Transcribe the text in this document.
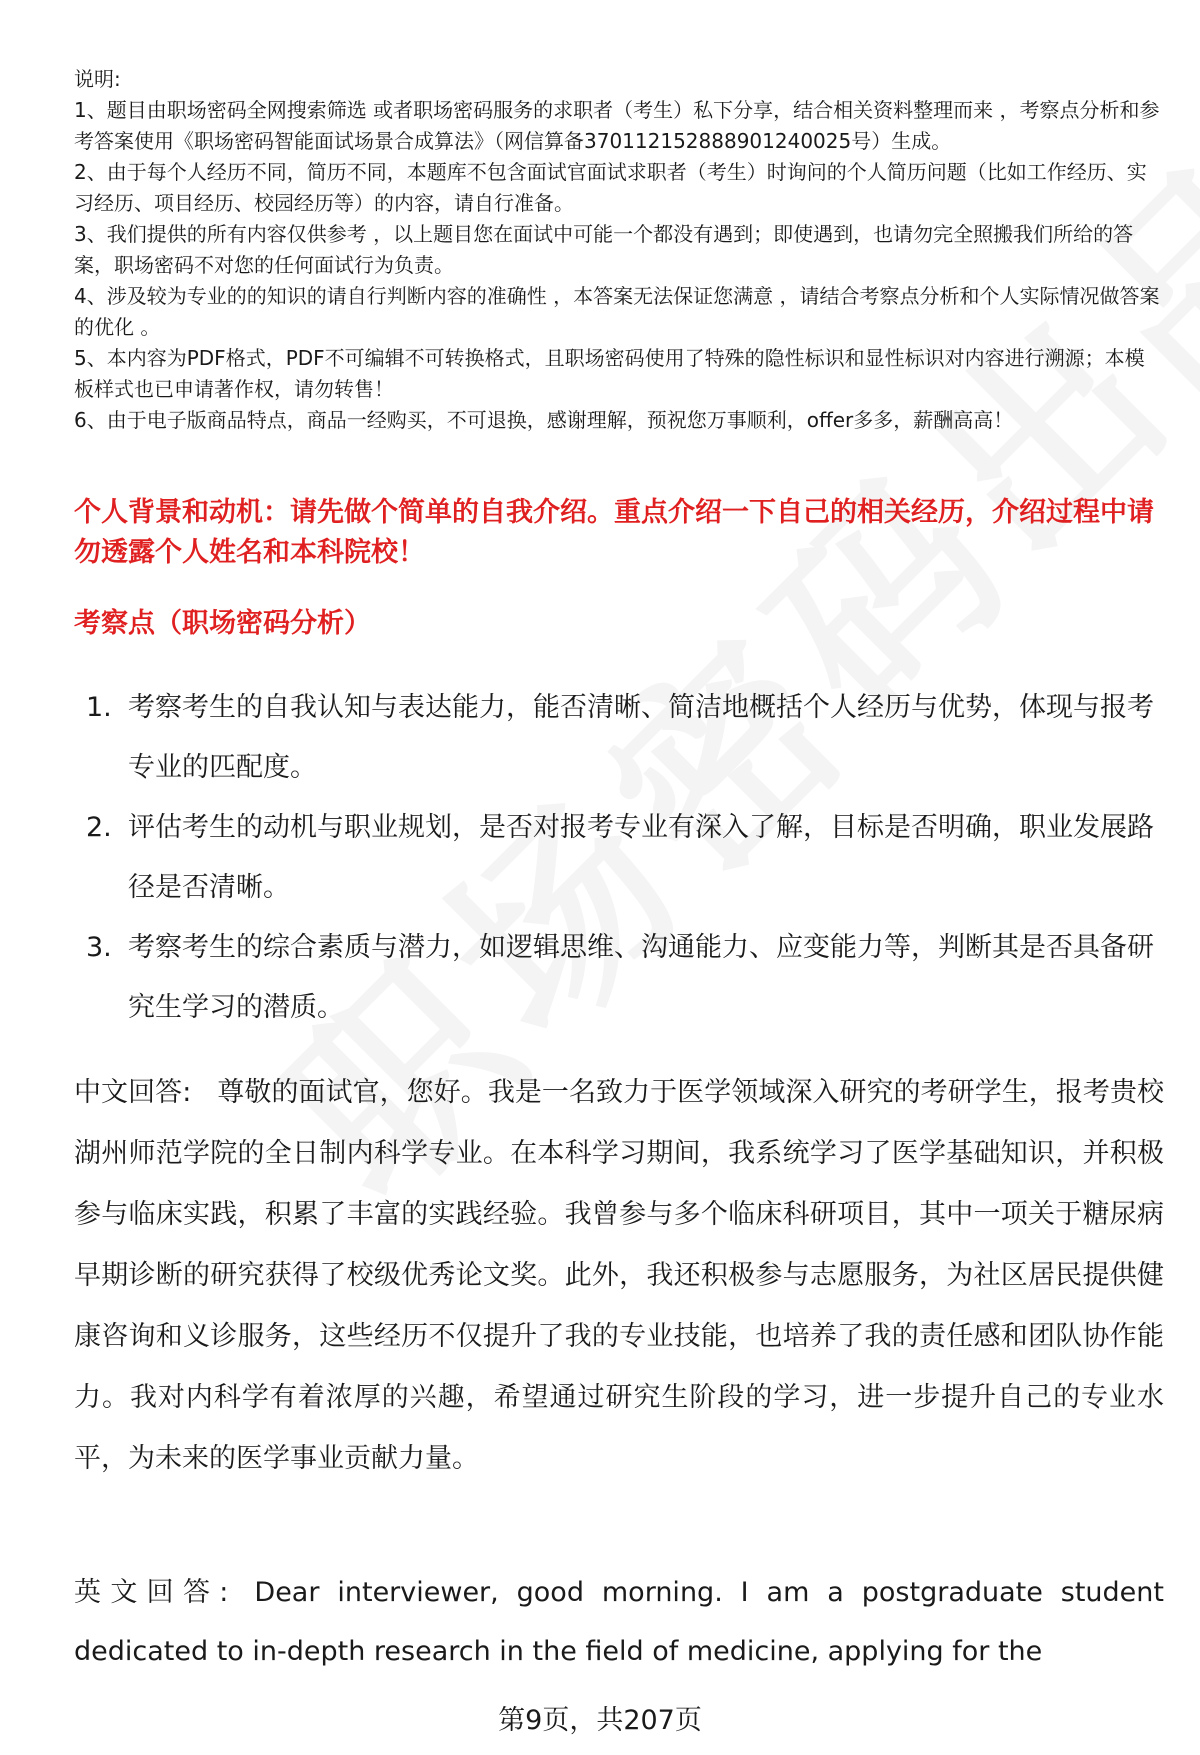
说明:

1、题目由职场密码全网搜索筛选 或者职场密码服务的求职者（考生）私下分享，结合相关资料整理而来 ，考察点分析和参考答案使用《职场密码智能面试场景合成算法》（网信算备370112152888901240025号）生成。

2、由于每个人经历不同，简历不同，本题库不包含面试官面试求职者（考生）时询问的个人简历问题（比如工作经历、实习经历、项目经历、校园经历等）的内容，请自行准备。

3、我们提供的所有内容仅供参考 ，以上题目您在面试中可能一个都没有遇到；即使遇到，也请勿完全照搬我们所给的答案，职场密码不对您的任何面试行为负责。

4、涉及较为专业的的知识的请自行判断内容的准确性 ，本答案无法保证您满意 ，请结合考察点分析和个人实际情况做答案的优化 。

5、本内容为PDF格式，PDF不可编辑不可转换格式，且职场密码使用了特殊的隐性标识和显性标识对内容进行溯源；本模板样式也已申请著作权，请勿转售！

6、由于电子版商品特点，商品一经购买，不可退换，感谢理解，预祝您万事顺利，offer多多，薪酬高高！

个人背景和动机：请先做个简单的自我介绍。重点介绍一下自己的相关经历，介绍过程中请勿透露个人姓名和本科院校！

考察点（职场密码分析）

1. 考察考生的自我认知与表达能力，能否清晰、简洁地概括个人经历与优势，体现与报考专业的匹配度。
2. 评估考生的动机与职业规划，是否对报考专业有深入了解，目标是否明确，职业发展路径是否清晰。
3. 考察考生的综合素质与潜力，如逻辑思维、沟通能力、应变能力等，判断其是否具备研究生学习的潜质。

中文回答: 尊敬的面试官，您好。我是一名致力于医学领域深入研究的考研学生，报考贵校湖州师范学院的全日制内科学专业。在本科学习期间，我系统学习了医学基础知识，并积极参与临床实践，积累了丰富的实践经验。我曾参与多个临床科研项目，其中一项关于糖尿病早期诊断的研究获得了校级优秀论文奖。此外，我还积极参与志愿服务，为社区居民提供健康咨询和义诊服务，这些经历不仅提升了我的专业技能，也培养了我的责任感和团队协作能力。我对内科学有着浓厚的兴趣，希望通过研究生阶段的学习，进一步提升自己的专业水平，为未来的医学事业贡献力量。

英文回答: Dear interviewer, good morning. I am a postgraduate student dedicated to in-depth research in the field of medicine, applying for the

第9页，共207页
